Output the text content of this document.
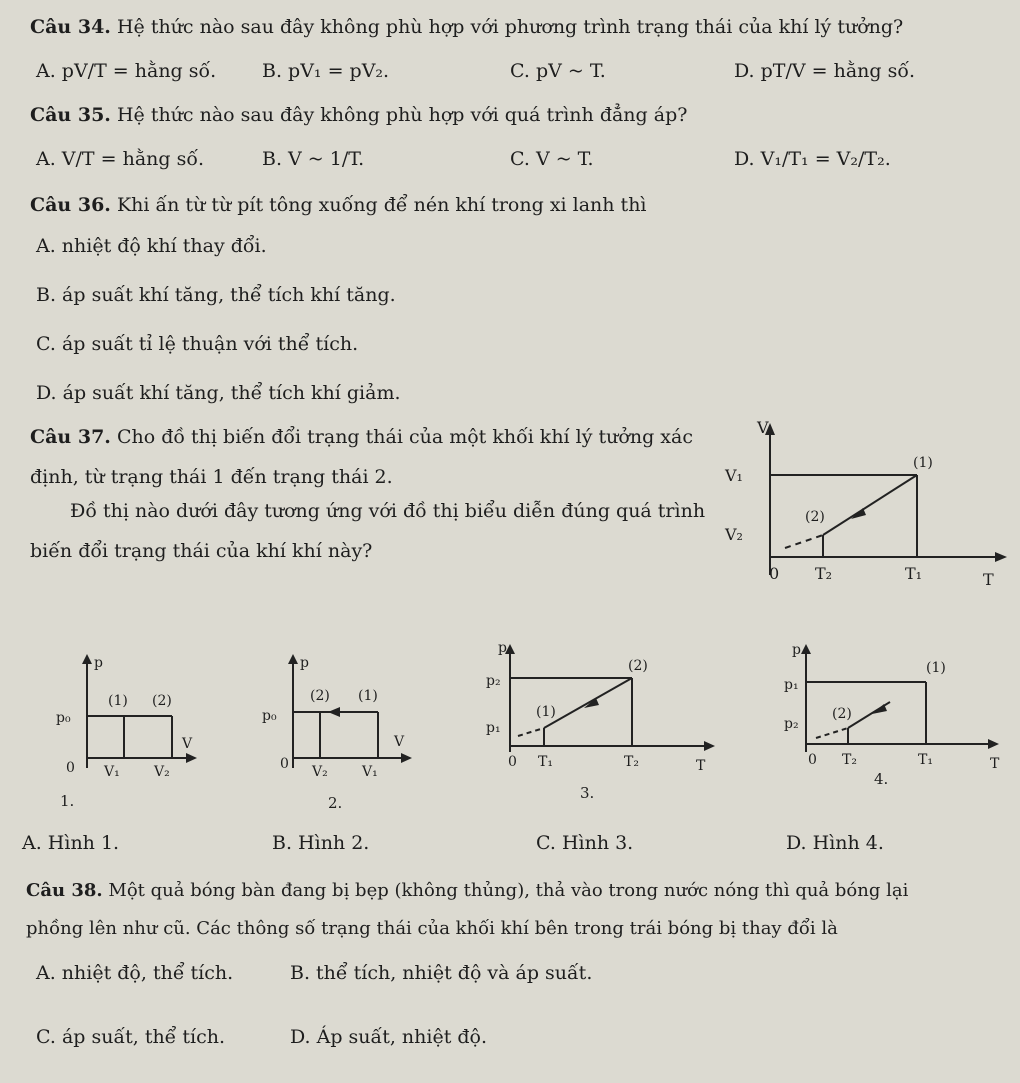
Câu 34. Hệ thức nào sau đây không phù hợp với phương trình trạng thái của khí lý tưởng?
A. pV/T = hằng số. B. pV₁ = pV₂.	C. pV ~ T.	D. pT/V = hằng số.
Câu 35. Hệ thức nào sau đây không phù hợp với quá trình đẳng áp?
A. V/T = hằng số.	B. V ~ 1/T.	C. V ~ T.	D. V₁/T₁ = V₂/T₂.
Câu 36. Khi ấn từ từ pít tông xuống để nén khí trong xi lanh thì
A. nhiệt độ khí thay đổi.
B. áp suất khí tăng, thể tích khí tăng.
C. áp suất tỉ lệ thuận với thể tích.
D. áp suất khí tăng, thể tích khí giảm.
Câu 37. Cho đồ thị biến đổi trạng thái của một khối khí lý tưởng xác
định, từ trạng thái 1 đến trạng thái 2.
Đồ thị nào dưới đây tương ứng với đồ thị biểu diễn đúng quá trình
biến đổi trạng thái của khí khí này?
V
V₁
V₂
(1)
(2)
0 T₂	T₁	T
p
p₀
(1) (2)
V
0 V₁ V₂
1.
p
p₀
(2) (1)
V
0 V₂ V₁
2.
p
p₂
p₁
(2)
(1)
0 T₁	T₂	T
3.
p
p₁
p₂
(1)
(2)
0 T₂	T₁	T
4.
A. Hình 1.	B. Hình 2.	C. Hình 3.	D. Hình 4.
Câu 38. Một quả bóng bàn đang bị bẹp (không thủng), thả vào trong nước nóng thì quả bóng lại
phồng lên như cũ. Các thông số trạng thái của khối khí bên trong trái bóng bị thay đổi là
A. nhiệt độ, thể tích.	B. thể tích, nhiệt độ và áp suất.
C. áp suất, thể tích.	D. Áp suất, nhiệt độ.
